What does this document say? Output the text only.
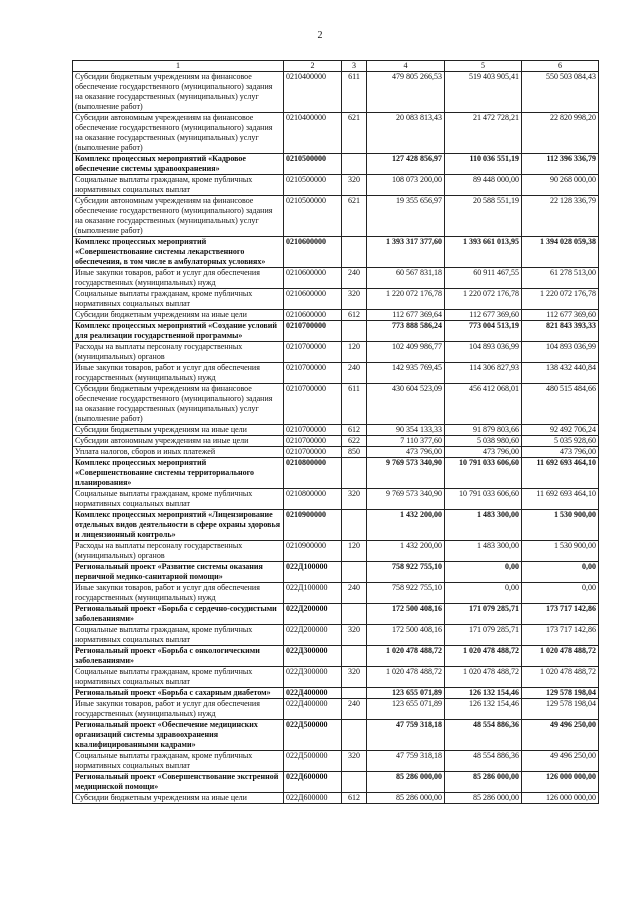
2
1	2	3	4	5	6
Субсидии бюджетным учреждениям на финансовое обеспечение государственного (муниципального) задания на оказание государственных (муниципальных) услуг (выполнение работ)	0210400000	611	479 805 266,53	519 403 905,41	550 503 084,43
Субсидии автономным учреждениям на финансовое обеспечение государственного (муниципального) задания на оказание государственных (муниципальных) услуг (выполнение работ)	0210400000	621	20 083 813,43	21 472 728,21	22 820 998,20
Комплекс процессных мероприятий «Кадровое обеспечение системы здравоохранения»	0210500000		127 428 856,97	110 036 551,19	112 396 336,79
Социальные выплаты гражданам, кроме публичных нормативных социальных выплат	0210500000	320	108 073 200,00	89 448 000,00	90 268 000,00
Субсидии автономным учреждениям на финансовое обеспечение государственного (муниципального) задания на оказание государственных (муниципальных) услуг (выполнение работ)	0210500000	621	19 355 656,97	20 588 551,19	22 128 336,79
Комплекс процессных мероприятий «Совершенствование системы лекарственного обеспечения, в том числе в амбулаторных условиях»	0210600000		1 393 317 377,60	1 393 661 013,95	1 394 028 059,38
Иные закупки товаров, работ и услуг для обеспечения государственных (муниципальных) нужд	0210600000	240	60 567 831,18	60 911 467,55	61 278 513,00
Социальные выплаты гражданам, кроме публичных нормативных социальных выплат	0210600000	320	1 220 072 176,78	1 220 072 176,78	1 220 072 176,78
Субсидии бюджетным учреждениям на иные цели	0210600000	612	112 677 369,64	112 677 369,60	112 677 369,60
Комплекс процессных мероприятий «Создание условий для реализации государственной программы»	0210700000		773 888 586,24	773 004 513,19	821 843 393,33
Расходы на выплаты персоналу государственных (муниципальных) органов	0210700000	120	102 409 986,77	104 893 036,99	104 893 036,99
Иные закупки товаров, работ и услуг для обеспечения государственных (муниципальных) нужд	0210700000	240	142 935 769,45	114 306 827,93	138 432 440,84
Субсидии бюджетным учреждениям на финансовое обеспечение государственного (муниципального) задания на оказание государственных (муниципальных) услуг (выполнение работ)	0210700000	611	430 604 523,09	456 412 068,01	480 515 484,66
Субсидии бюджетным учреждениям на иные цели	0210700000	612	90 354 133,33	91 879 803,66	92 492 706,24
Субсидии автономным учреждениям на иные цели	0210700000	622	7 110 377,60	5 038 980,60	5 035 928,60
Уплата налогов, сборов и иных платежей	0210700000	850	473 796,00	473 796,00	473 796,00
Комплекс процессных мероприятий «Совершенствование системы территориального планирования»	0210800000		9 769 573 340,90	10 791 033 606,60	11 692 693 464,10
Социальные выплаты гражданам, кроме публичных нормативных социальных выплат	0210800000	320	9 769 573 340,90	10 791 033 606,60	11 692 693 464,10
Комплекс процессных мероприятий «Лицензирование отдельных видов деятельности в сфере охраны здоровья и лицензионный контроль»	0210900000		1 432 200,00	1 483 300,00	1 530 900,00
Расходы на выплаты персоналу государственных (муниципальных) органов	0210900000	120	1 432 200,00	1 483 300,00	1 530 900,00
Региональный проект «Развитие системы оказания первичной медико-санитарной помощи»	022Д100000		758 922 755,10	0,00	0,00
Иные закупки товаров, работ и услуг для обеспечения государственных (муниципальных) нужд	022Д100000	240	758 922 755,10	0,00	0,00
Региональный проект «Борьба с сердечно-сосудистыми заболеваниями»	022Д200000		172 500 408,16	171 079 285,71	173 717 142,86
Социальные выплаты гражданам, кроме публичных нормативных социальных выплат	022Д200000	320	172 500 408,16	171 079 285,71	173 717 142,86
Региональный проект «Борьба с онкологическими заболеваниями»	022Д300000		1 020 478 488,72	1 020 478 488,72	1 020 478 488,72
Социальные выплаты гражданам, кроме публичных нормативных социальных выплат	022Д300000	320	1 020 478 488,72	1 020 478 488,72	1 020 478 488,72
Региональный проект «Борьба с сахарным диабетом»	022Д400000		123 655 071,89	126 132 154,46	129 578 198,04
Иные закупки товаров, работ и услуг для обеспечения государственных (муниципальных) нужд	022Д400000	240	123 655 071,89	126 132 154,46	129 578 198,04
Региональный проект «Обеспечение медицинских организаций системы здравоохранения квалифицированными кадрами»	022Д500000		47 759 318,18	48 554 886,36	49 496 250,00
Социальные выплаты гражданам, кроме публичных нормативных социальных выплат	022Д500000	320	47 759 318,18	48 554 886,36	49 496 250,00
Региональный проект «Совершенствование экстренной медицинской помощи»	022Д600000		85 286 000,00	85 286 000,00	126 000 000,00
Субсидии бюджетным учреждениям на иные цели	022Д600000	612	85 286 000,00	85 286 000,00	126 000 000,00
